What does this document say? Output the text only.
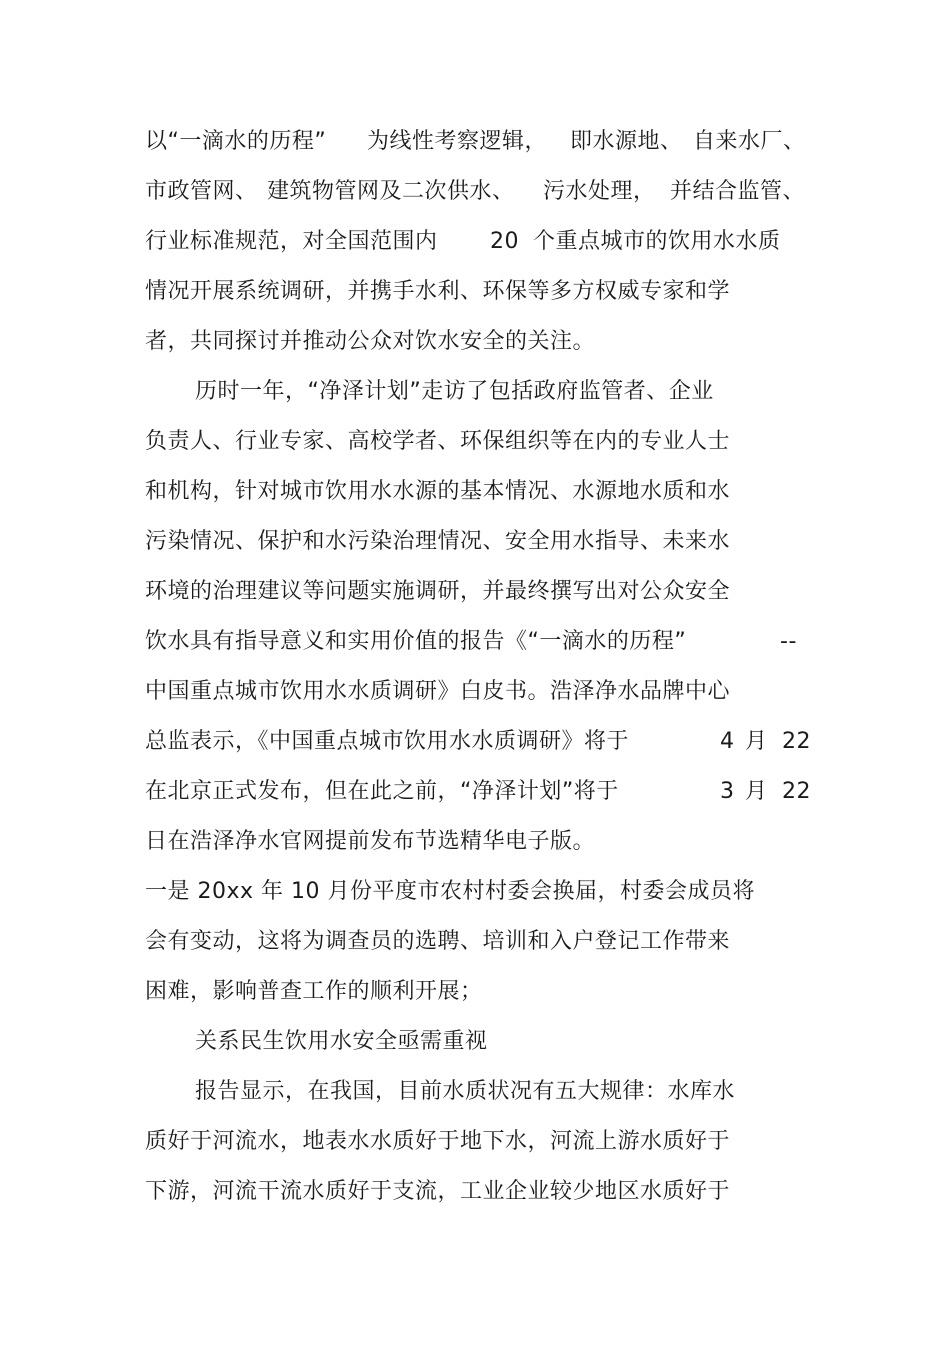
以“一滴水的历程” 为线性考察逻辑， 即水源地、 自来水厂、
市政管网、 建筑物管网及二次供水、 污水处理， 并结合监管、
行业标准规范，对全国范围内 20 个重点城市的饮用水水质
情况开展系统调研，并携手水利、环保等多方权威专家和学
者，共同探讨并推动公众对饮水安全的关注。
历时一年，“净泽计划”走访了包括政府监管者、企业
负责人、行业专家、高校学者、环保组织等在内的专业人士
和机构，针对城市饮用水水源的基本情况、水源地水质和水
污染情况、保护和水污染治理情况、安全用水指导、未来水
环境的治理建议等问题实施调研，并最终撰写出对公众安全
饮水具有指导意义和实用价值的报告《“一滴水的历程”	--
中国重点城市饮用水水质调研》白皮书。浩泽净水品牌中心
总监表示，《中国重点城市饮用水水质调研》将于	4 月 22
在北京正式发布，但在此之前，“净泽计划”将于	3 月 22
日在浩泽净水官网提前发布节选精华电子版。
一是 20xx 年 10 月份平度市农村村委会换届，村委会成员将
会有变动，这将为调查员的选聘、培训和入户登记工作带来
困难，影响普查工作的顺利开展；
关系民生饮用水安全亟需重视
报告显示，在我国，目前水质状况有五大规律：水库水
质好于河流水，地表水水质好于地下水，河流上游水质好于
下游，河流干流水质好于支流，工业企业较少地区水质好于
